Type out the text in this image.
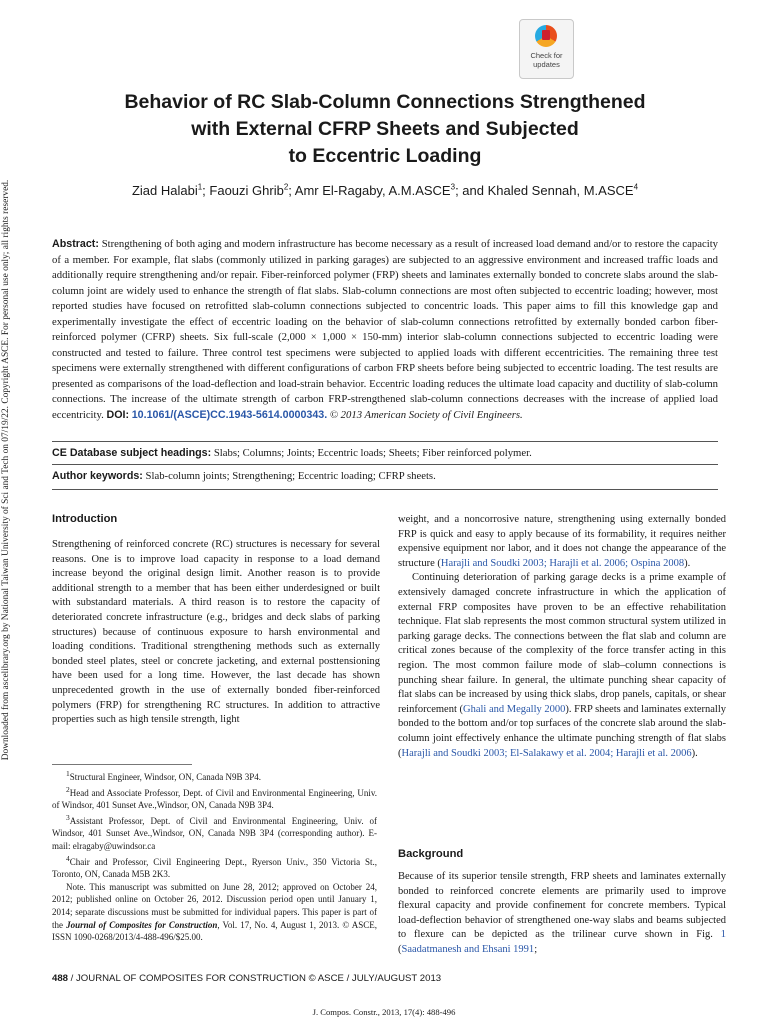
Downloaded from ascelibrary.org by National Taiwan University of Sci and Tech on 07/19/22. Copyright ASCE. For personal use only; all rights reserved.
Check for
updates
Behavior of RC Slab-Column Connections Strengthened
with External CFRP Sheets and Subjected
to Eccentric Loading
Ziad Halabi$^1$; Faouzi Ghrib$^2$; Amr El-Ragaby, A.M.ASCE$^3$; and Khaled Sennah, M.ASCE$^4$
Abstract: Strengthening of both aging and modern infrastructure has become necessary as a result of increased load demand and/or to restore the capacity of a member. For example, flat slabs (commonly utilized in parking garages) are subjected to an aggressive environment and increased traffic loads and additionally require strengthening and/or repair. Fiber-reinforced polymer (FRP) sheets and laminates externally bonded to concrete slabs around the slab-column joint are widely used to enhance the strength of flat slabs. Slab-column connections are most often subjected to eccentric loading; however, most reported studies have focused on retrofitted slab-column connections subjected to concentric loads. This paper aims to fill this knowledge gap and experimentally investigate the effect of eccentric loading on the behavior of slab-column connections retrofitted by externally bonded carbon fiber-reinforced polymer (CFRP) sheets. Six full-scale (2,000 × 1,000 × 150-mm) interior slab-column connections subjected to eccentric loading were constructed and tested to failure. Three control test specimens were subjected to applied loads with different eccentricities. The remaining three test specimens were externally strengthened with different configurations of carbon FRP sheets before being subjected to eccentric loading. The test results are presented as comparisons of the load-deflection and load-strain behavior. Eccentric loading reduces the ultimate load capacity and ductility of slab-column connections. The increase of the ultimate strength of carbon FRP-strengthened slab-column connections decreases with the increase of applied load eccentricity. DOI: 10.1061/(ASCE)CC.1943-5614.0000343. © 2013 American Society of Civil Engineers.
CE Database subject headings: Slabs; Columns; Joints; Eccentric loads; Sheets; Fiber reinforced polymer.
Author keywords: Slab-column joints; Strengthening; Eccentric loading; CFRP sheets.
Introduction

Strengthening of reinforced concrete (RC) structures is necessary for several reasons. One is to improve load capacity in response to a load demand increase beyond the original design limit. Another reason is to provide additional strength to a member that has been either underdesigned or built with substandard materials. A third reason is to restore the capacity of deteriorated concrete infrastructure (e.g., bridges and deck slabs of parking structures) because of continuous exposure to harsh environmental and loading conditions. Traditional strengthening methods such as externally bonded steel plates, steel or concrete jacketing, and external posttensioning have been used for a long time. However, the last decade has shown unprecedented growth in the use of externally bonded fiber-reinforced polymers (FRP) for strengthening RC structures. In addition to attractive properties such as high tensile strength, light

$^1$Structural Engineer, Windsor, ON, Canada N9B 3P4.

$^2$Head and Associate Professor, Dept. of Civil and Environmental Engineering, Univ. of Windsor, 401 Sunset Ave.,Windsor, ON, Canada N9B 3P4.

$^3$Assistant Professor, Dept. of Civil and Environmental Engineering, Univ. of Windsor, 401 Sunset Ave.,Windsor, ON, Canada N9B 3P4 (corresponding author). E-mail: elragaby@uwindsor.ca

$^4$Chair and Professor, Civil Engineering Dept., Ryerson Univ., 350 Victoria St., Toronto, ON, Canada M5B 2K3.

Note. This manuscript was submitted on June 28, 2012; approved on October 24, 2012; published online on October 26, 2012. Discussion period open until January 1, 2014; separate discussions must be submitted for individual papers. This paper is part of the Journal of Composites for Construction, Vol. 17, No. 4, August 1, 2013. © ASCE, ISSN 1090-0268/2013/4-488-496/$25.00.

weight, and a noncorrosive nature, strengthening using externally bonded FRP is quick and easy to apply because of its formability, it requires neither expensive equipment nor labor, and it does not change the appearance of the structure (Harajli and Soudki 2003; Harajli et al. 2006; Ospina 2008).

Continuing deterioration of parking garage decks is a prime example of extensively damaged concrete infrastructure in which the application of external FRP composites have proven to be an effective rehabilitation technique. Flat slab represents the most common structural system utilized in parking garage decks. The connections between the flat slab and column are critical zones because of the complexity of the force transfer acting in this region. The most common failure mode of slab–column connections is punching shear failure. In general, the ultimate punching shear capacity of flat slabs can be increased by using thick slabs, drop panels, capitals, or shear reinforcement (Ghali and Megally 2000). FRP sheets and laminates externally bonded to the bottom and/or top surfaces of the concrete slab around the slab-column joint effectively enhance the ultimate punching strength of flat slabs (Harajli and Soudki 2003; El-Salakawy et al. 2004; Harajli et al. 2006).

Background

Because of its superior tensile strength, FRP sheets and laminates externally bonded to reinforced concrete elements are primarily used to improve flexural capacity and provide confinement for concrete members. Typical load-deflection behavior of strengthened one-way slabs and beams subjected to flexure can be depicted as the trilinear curve shown in Fig. 1 (Saadatmanesh and Ehsani 1991;

488 / JOURNAL OF COMPOSITES FOR CONSTRUCTION © ASCE / JULY/AUGUST 2013
J. Compos. Constr., 2013, 17(4): 488-496
